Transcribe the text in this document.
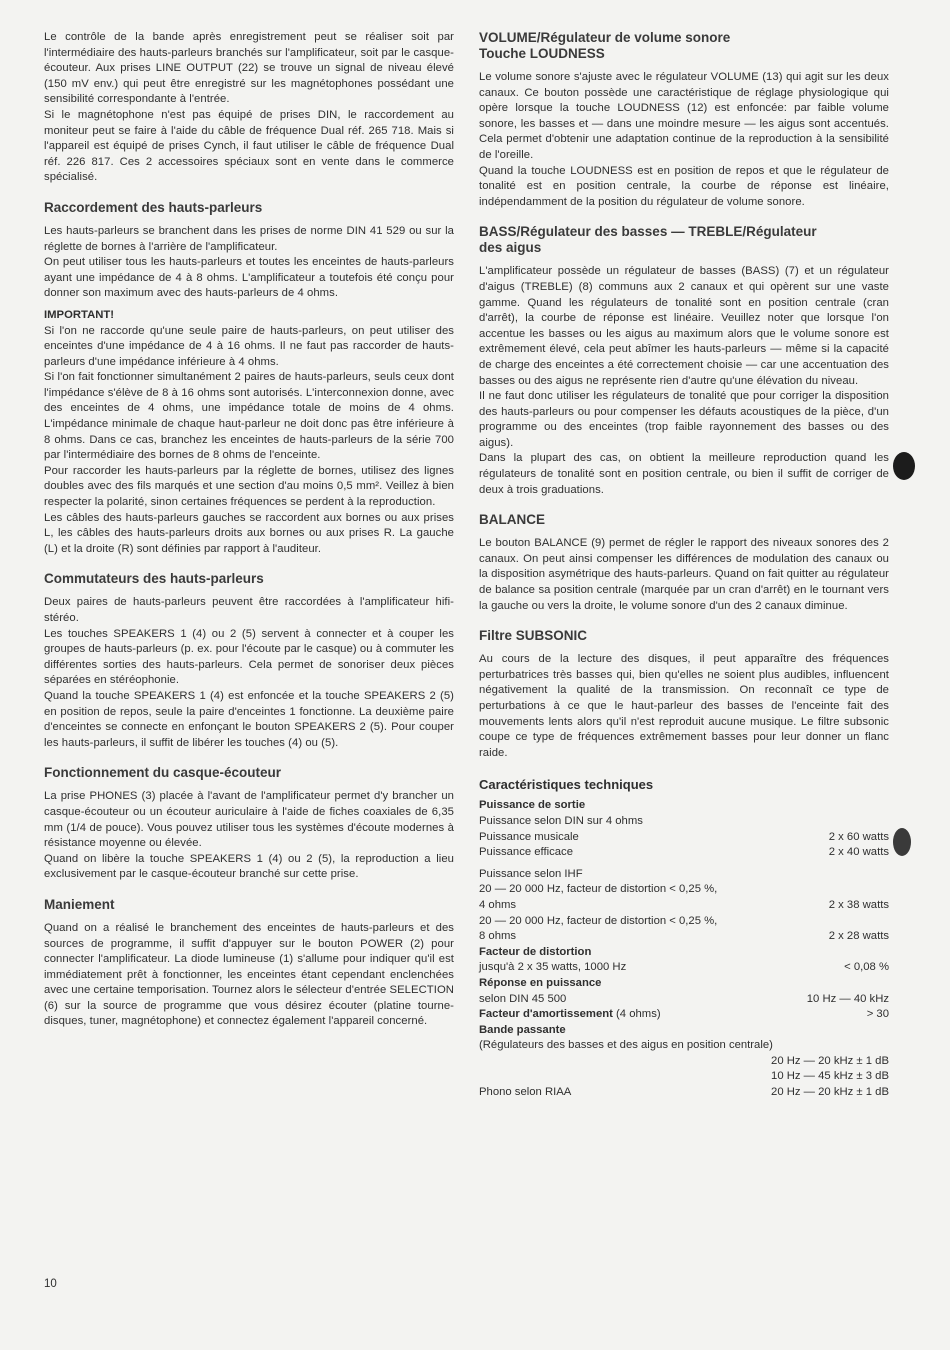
Le contrôle de la bande après enregistrement peut se réaliser soit par l'intermédiaire des hauts-parleurs branchés sur l'amplificateur, soit par le casque-écouteur. Aux prises LINE OUTPUT (22) se trouve un signal de niveau élevé (150 mV env.) qui peut être enregistré sur les magnétophones possédant une sensibilité correspondante à l'entrée.

Si le magnétophone n'est pas équipé de prises DIN, le raccordement au moniteur peut se faire à l'aide du câble de fréquence Dual réf. 265 718. Mais si l'appareil est équipé de prises Cynch, il faut utiliser le câble de fréquence Dual réf. 226 817. Ces 2 accessoires spéciaux sont en vente dans le commerce spécialisé.

Raccordement des hauts-parleurs

Les hauts-parleurs se branchent dans les prises de norme DIN 41 529 ou sur la réglette de bornes à l'arrière de l'amplificateur.

On peut utiliser tous les hauts-parleurs et toutes les enceintes de hauts-parleurs ayant une impédance de 4 à 8 ohms. L'amplificateur a toutefois été conçu pour donner son maximum avec des hauts-parleurs de 4 ohms.

IMPORTANT!

Si l'on ne raccorde qu'une seule paire de hauts-parleurs, on peut utiliser des enceintes d'une impédance de 4 à 16 ohms. Il ne faut pas raccorder de hauts-parleurs d'une impédance inférieure à 4 ohms.

Si l'on fait fonctionner simultanément 2 paires de hauts-parleurs, seuls ceux dont l'impédance s'élève de 8 à 16 ohms sont autorisés. L'interconnexion donne, avec des enceintes de 4 ohms, une impédance totale de moins de 4 ohms. L'impédance minimale de chaque haut-parleur ne doit donc pas être inférieure à 8 ohms. Dans ce cas, branchez les enceintes de hauts-parleurs de la série 700 par l'intermédiaire des bornes de 8 ohms de l'enceinte.

Pour raccorder les hauts-parleurs par la réglette de bornes, utilisez des lignes doubles avec des fils marqués et une section d'au moins 0,5 mm². Veillez à bien respecter la polarité, sinon certaines fréquences se perdent à la reproduction.

Les câbles des hauts-parleurs gauches se raccordent aux bornes ou aux prises L, les câbles des hauts-parleurs droits aux bornes ou aux prises R. La gauche (L) et la droite (R) sont définies par rapport à l'auditeur.

Commutateurs des hauts-parleurs

Deux paires de hauts-parleurs peuvent être raccordées à l'amplificateur hifi-stéréo.

Les touches SPEAKERS 1 (4) ou 2 (5) servent à connecter et à couper les groupes de hauts-parleurs (p. ex. pour l'écoute par le casque) ou à commuter les différentes sorties des hauts-parleurs. Cela permet de sonoriser deux pièces séparées en stéréophonie.

Quand la touche SPEAKERS 1 (4) est enfoncée et la touche SPEAKERS 2 (5) en position de repos, seule la paire d'enceintes 1 fonctionne. La deuxième paire d'enceintes se connecte en enfonçant le bouton SPEAKERS 2 (5). Pour couper les hauts-parleurs, il suffit de libérer les touches (4) ou (5).

Fonctionnement du casque-écouteur

La prise PHONES (3) placée à l'avant de l'amplificateur permet d'y brancher un casque-écouteur ou un écouteur auriculaire à l'aide de fiches coaxiales de 6,35 mm (1/4 de pouce). Vous pouvez utiliser tous les systèmes d'écoute modernes à résistance moyenne ou élevée.

Quand on libère la touche SPEAKERS 1 (4) ou 2 (5), la reproduction a lieu exclusivement par le casque-écouteur branché sur cette prise.

Maniement

Quand on a réalisé le branchement des enceintes de hauts-parleurs et des sources de programme, il suffit d'appuyer sur le bouton POWER (2) pour connecter l'amplificateur. La diode lumineuse (1) s'allume pour indiquer qu'il est immédiatement prêt à fonctionner, les enceintes étant cependant enclenchées avec une certaine temporisation. Tournez alors le sélecteur d'entrée SELECTION (6) sur la source de programme que vous désirez écouter (platine tourne-disques, tuner, magnétophone) et connectez également l'appareil concerné.

VOLUME/Régulateur de volume sonore
Touche LOUDNESS

Le volume sonore s'ajuste avec le régulateur VOLUME (13) qui agit sur les deux canaux. Ce bouton possède une caractéristique de réglage physiologique qui opère lorsque la touche LOUDNESS (12) est enfoncée: par faible volume sonore, les basses et — dans une moindre mesure — les aigus sont accentués. Cela permet d'obtenir une adaptation continue de la reproduction à la sensibilité de l'oreille.

Quand la touche LOUDNESS est en position de repos et que le régulateur de tonalité est en position centrale, la courbe de réponse est linéaire, indépendamment de la position du régulateur de volume sonore.

BASS/Régulateur des basses — TREBLE/Régulateur
des aigus

L'amplificateur possède un régulateur de basses (BASS) (7) et un régulateur d'aigus (TREBLE) (8) communs aux 2 canaux et qui opèrent sur une vaste gamme. Quand les régulateurs de tonalité sont en position centrale (cran d'arrêt), la courbe de réponse est linéaire. Veuillez noter que lorsque l'on accentue les basses ou les aigus au maximum alors que le volume sonore est extrêmement élevé, cela peut abîmer les hauts-parleurs — même si la capacité de charge des enceintes a été correctement choisie — car une accentuation des basses ou des aigus ne représente rien d'autre qu'une élévation du niveau.

Il ne faut donc utiliser les régulateurs de tonalité que pour corriger la disposition des hauts-parleurs ou pour compenser les défauts acoustiques de la pièce, d'un programme ou des enceintes (trop faible rayonnement des basses ou des aigus).

Dans la plupart des cas, on obtient la meilleure reproduction quand les régulateurs de tonalité sont en position centrale, ou bien il suffit de corriger de deux à trois graduations.

BALANCE

Le bouton BALANCE (9) permet de régler le rapport des niveaux sonores des 2 canaux. On peut ainsi compenser les différences de modulation des canaux ou la disposition asymétrique des hauts-parleurs. Quand on fait quitter au régulateur de balance sa position centrale (marquée par un cran d'arrêt) en le tournant vers la gauche ou vers la droite, le volume sonore d'un des 2 canaux diminue.

Filtre SUBSONIC

Au cours de la lecture des disques, il peut apparaître des fréquences perturbatrices très basses qui, bien qu'elles ne soient plus audibles, influencent négativement la qualité de la transmission. On reconnaît ce type de perturbations à ce que le haut-parleur des basses de l'enceinte fait des mouvements lents alors qu'il n'est reproduit aucune musique. Le filtre subsonic coupe ce type de fréquences extrêmement basses pour leur donner un flanc raide.

Caractéristiques techniques

Puissance de sortie
Puissance selon DIN sur 4 ohms
Puissance musicale	2 x 60 watts
Puissance efficace	2 x 40 watts
Puissance selon IHF
20 — 20 000 Hz, facteur de distortion < 0,25 %,
4 ohms	2 x 38 watts
20 — 20 000 Hz, facteur de distortion < 0,25 %,
8 ohms	2 x 28 watts
Facteur de distortion
jusqu'à 2 x 35 watts, 1000 Hz	< 0,08 %
Réponse en puissance
selon DIN 45 500	10 Hz — 40 kHz
Facteur d'amortissement (4 ohms)	> 30
Bande passante
(Régulateurs des basses et des aigus en position centrale)
20 Hz — 20 kHz ± 1 dB
10 Hz — 45 kHz ± 3 dB
Phono selon RIAA	20 Hz — 20 kHz ± 1 dB
10
